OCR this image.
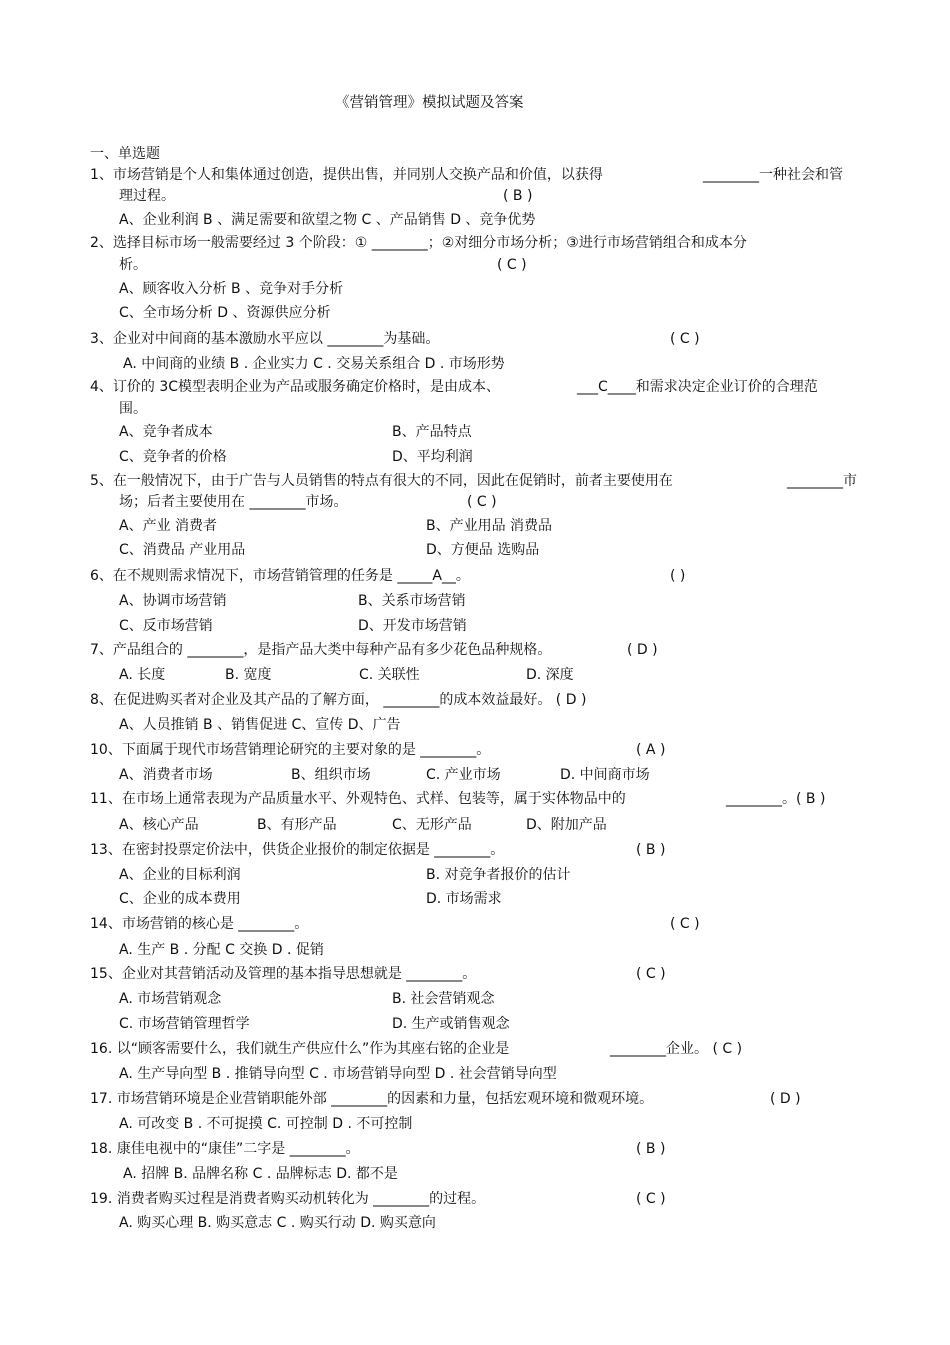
《营销管理》模拟试题及答案
一、单选题
1、市场营销是个人和集体通过创造，提供出售，并同别人交换产品和价值，以获得	________一种社会和管
理过程。	( B )
A、企业利润 B 、满足需要和欲望之物 C 、产品销售 D 、竞争优势
2、选择目标市场一般需要经过 3 个阶段：① ________；②对细分市场分析；③进行市场营销组合和成本分
析。	( C )
A、顾客收入分析 B 、竞争对手分析
C、全市场分析 D 、资源供应分析
3、企业对中间商的基本激励水平应以 ________为基础。	( C )
A. 中间商的业绩 B . 企业实力 C . 交易关系组合 D . 市场形势
4、订价的 3C模型表明企业为产品或服务确定价格时，是由成本、	___C____和需求决定企业订价的合理范
围。
A、竞争者成本	B、产品特点
C、竞争者的价格	D、平均利润
5、在一般情况下，由于广告与人员销售的特点有很大的不同，因此在促销时，前者主要使用在	________市
场；后者主要使用在 ________市场。	( C )
A、产业 消费者	B、产业用品 消费品
C、消费品 产业用品	D、方便品 选购品
6、在不规则需求情况下，市场营销管理的任务是 _____A__。	( )
A、协调市场营销	B、关系市场营销
C、反市场营销	D、开发市场营销
7、产品组合的 ________，是指产品大类中每种产品有多少花色品种规格。	( D )
A. 长度	B. 宽度	C. 关联性	D. 深度
8、在促进购买者对企业及其产品的了解方面， ________的成本效益最好。 ( D )
A、人员推销 B 、销售促进 C、宣传 D、广告
10、下面属于现代市场营销理论研究的主要对象的是 ________。	( A )
A、消费者市场	B、组织市场	C. 产业市场	D. 中间商市场
11、在市场上通常表现为产品质量水平、外观特色、式样、包装等，属于实体物品中的	________。( B )
A、核心产品	B、有形产品	C、无形产品	D、附加产品
13、在密封投票定价法中，供货企业报价的制定依据是 ________。	( B )
A、企业的目标利润	B. 对竞争者报价的估计
C、企业的成本费用	D. 市场需求
14、市场营销的核心是 ________。	( C )
A. 生产 B . 分配 C 交换 D . 促销
15、企业对其营销活动及管理的基本指导思想就是 ________。	( C )
A. 市场营销观念	B. 社会营销观念
C. 市场营销管理哲学	D. 生产或销售观念
16. 以“顾客需要什么，我们就生产供应什么”作为其座右铭的企业是	________企业。 ( C )
A. 生产导向型 B . 推销导向型 C . 市场营销导向型 D . 社会营销导向型
17. 市场营销环境是企业营销职能外部 ________的因素和力量，包括宏观环境和微观环境。	( D )
A. 可改变 B . 不可捉摸 C. 可控制 D . 不可控制
18. 康佳电视中的“康佳”二字是 ________。	( B )
A. 招牌 B. 品牌名称 C . 品牌标志 D. 都不是
19. 消费者购买过程是消费者购买动机转化为 ________的过程。	( C )
A. 购买心理 B. 购买意志 C . 购买行动 D. 购买意向
